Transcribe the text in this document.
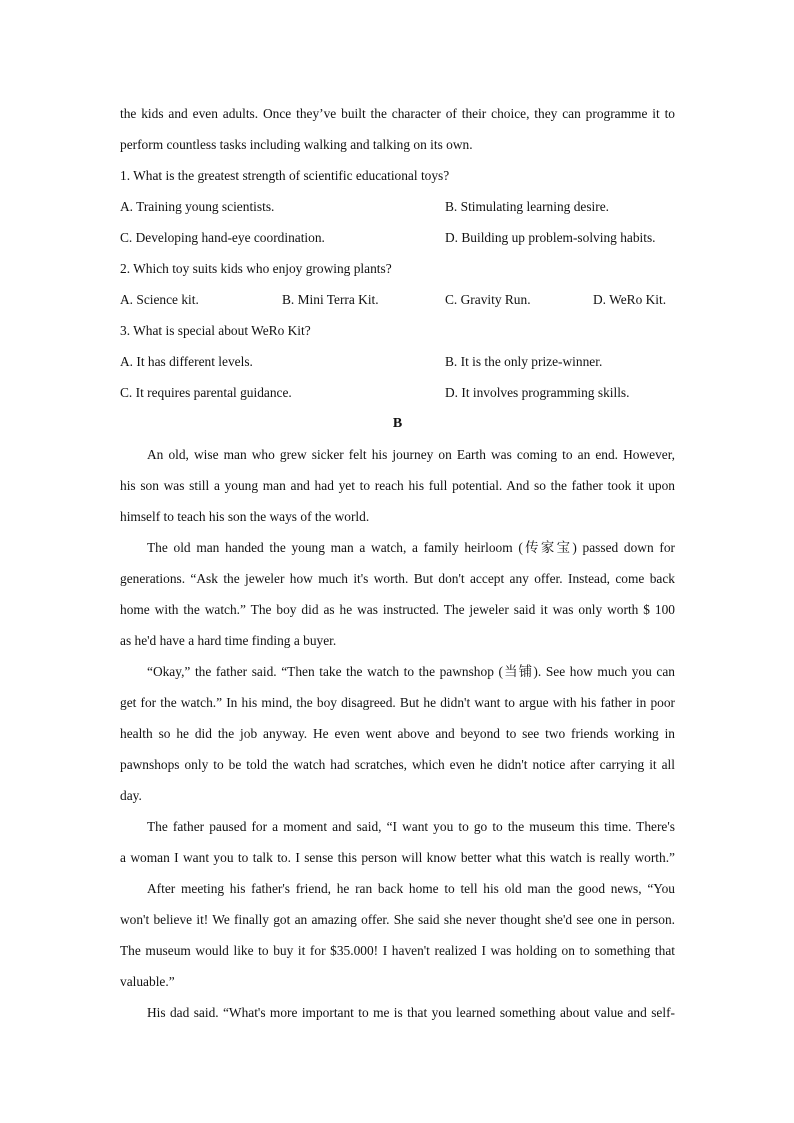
the kids and even adults. Once they’ve built the character of their choice, they can programme it to
perform countless tasks including walking and talking on its own.
1. What is the greatest strength of scientific educational toys?
A. Training young scientists.	B. Stimulating learning desire.
C. Developing hand-eye coordination.	D. Building up problem-solving habits.
2. Which toy suits kids who enjoy growing plants?
A. Science kit.	B. Mini Terra Kit.	C. Gravity Run.	D. WeRo Kit.
3. What is special about WeRo Kit?
A. It has different levels.	B. It is the only prize-winner.
C. It requires parental guidance.	D. It involves programming skills.
B
An old, wise man who grew sicker felt his journey on Earth was coming to an end. However,
his son was still a young man and had yet to reach his full potential. And so the father took it upon
himself to teach his son the ways of the world.
The old man handed the young man a watch, a family heirloom (传家宝) passed down for
generations. “Ask the jeweler how much it's worth. But don't accept any offer. Instead, come back
home with the watch.” The boy did as he was instructed. The jeweler said it was only worth $ 100
as he'd have a hard time finding a buyer.
“Okay,” the father said. “Then take the watch to the pawnshop (当铺). See how much you can
get for the watch.” In his mind, the boy disagreed. But he didn't want to argue with his father in poor
health so he did the job anyway. He even went above and beyond to see two friends working in
pawnshops only to be told the watch had scratches, which even he didn't notice after carrying it all
day.
The father paused for a moment and said, “I want you to go to the museum this time. There's
a woman I want you to talk to. I sense this person will know better what this watch is really worth.”
After meeting his father's friend, he ran back home to tell his old man the good news, “You
won't believe it! We finally got an amazing offer. She said she never thought she'd see one in person.
The museum would like to buy it for $35.000! I haven't realized I was holding on to something that
valuable.”
His dad said. “What's more important to me is that you learned something about value and self-
